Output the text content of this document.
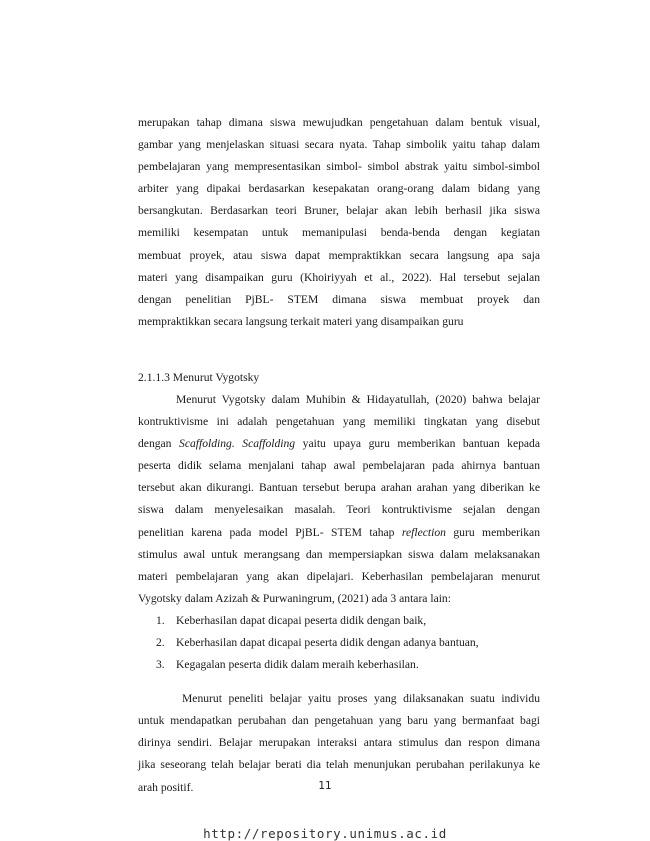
merupakan tahap dimana siswa mewujudkan pengetahuan dalam bentuk visual,
gambar yang menjelaskan situasi secara nyata. Tahap simbolik yaitu tahap dalam
pembelajaran yang mempresentasikan simbol- simbol abstrak yaitu simbol-simbol
arbiter yang dipakai berdasarkan kesepakatan orang-orang dalam bidang yang
bersangkutan. Berdasarkan teori Bruner, belajar akan lebih berhasil jika siswa
memiliki kesempatan untuk memanipulasi benda-benda dengan kegiatan
membuat proyek, atau siswa dapat mempraktikkan secara langsung apa saja
materi yang disampaikan guru (Khoiriyyah et al., 2022). Hal tersebut sejalan
dengan penelitian PjBL- STEM dimana siswa membuat proyek dan
mempraktikkan secara langsung terkait materi yang disampaikan guru

2.1.1.3 Menurut Vygotsky

Menurut Vygotsky dalam Muhibin & Hidayatullah, (2020) bahwa belajar
kontruktivisme ini adalah pengetahuan yang memiliki tingkatan yang disebut
dengan Scaffolding. Scaffolding yaitu upaya guru memberikan bantuan kepada
peserta didik selama menjalani tahap awal pembelajaran pada ahirnya bantuan
tersebut akan dikurangi. Bantuan tersebut berupa arahan arahan yang diberikan ke
siswa dalam menyelesaikan masalah. Teori kontruktivisme sejalan dengan
penelitian karena pada model PjBL- STEM tahap reflection guru memberikan
stimulus awal untuk merangsang dan mempersiapkan siswa dalam melaksanakan
materi pembelajaran yang akan dipelajari. Keberhasilan pembelajaran menurut
Vygotsky dalam Azizah & Purwaningrum, (2021) ada 3 antara lain:

1. Keberhasilan dapat dicapai peserta didik dengan baik,
2. Keberhasilan dapat dicapai peserta didik dengan adanya bantuan,
3. Kegagalan peserta didik dalam meraih keberhasilan.

Menurut peneliti belajar yaitu proses yang dilaksanakan suatu individu
untuk mendapatkan perubahan dan pengetahuan yang baru yang bermanfaat bagi
dirinya sendiri. Belajar merupakan interaksi antara stimulus dan respon dimana
jika seseorang telah belajar berati dia telah menunjukan perubahan perilakunya ke
arah positif.	11
http://repository.unimus.ac.id
